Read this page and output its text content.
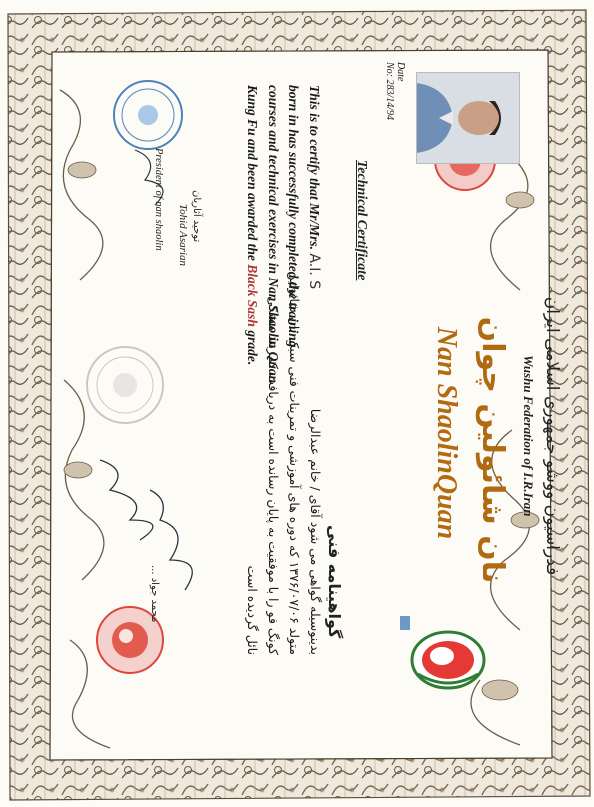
فدراسیون ووشو جمهوری اسلامی ایران
Wushu Federation of I.R.Iran
نان شائولین چوان
Nan ShaolinQuan
Date
No: 283/14/94
Technical Certificate
This is to certify that Mr/Mrs. A.I. S
born in has successfully completed the training
courses and technical exercises in Nan Shaolin Quan
Kung Fu and been awarded the Black Sash grade.
گواهینامه فنی
بدینوسیله گواهی می شود آقای / خانم عبدالرضا
متولد ۱۳۷۶/۰۷/۰۶ که دوره های آموزشی و تمرینات فنی سبک نان شائولین
کونگ فو را با موفقیت به پایان رسانده است به دریافت کمربند مشکی
نائل گردیده است
توحید آثاریان
Tohid Asarian
President of nan shaolin
محمد جواد ...
